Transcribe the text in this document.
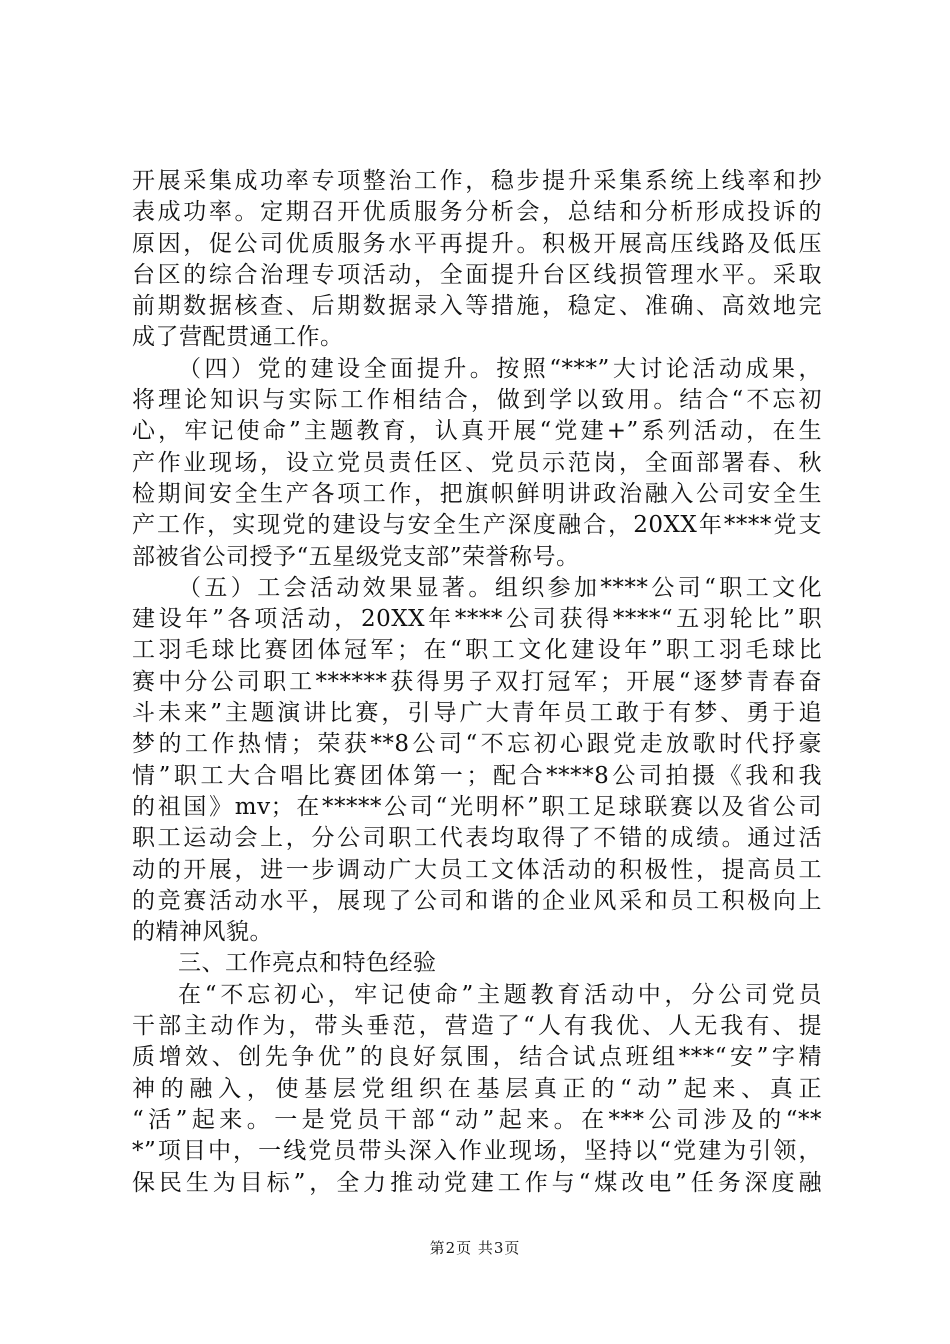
开展采集成功率专项整治工作，稳步提升采集系统上线率和抄
表成功率。定期召开优质服务分析会，总结和分析形成投诉的
原因，促公司优质服务水平再提升。积极开展高压线路及低压
台区的综合治理专项活动，全面提升台区线损管理水平。采取
前期数据核查、后期数据录入等措施，稳定、准确、高效地完
成了营配贯通工作。
（四）党的建设全面提升。按照“***”大讨论活动成果，
将理论知识与实际工作相结合，做到学以致用。结合“不忘初
心，牢记使命”主题教育，认真开展“党建+”系列活动，在生
产作业现场，设立党员责任区、党员示范岗，全面部署春、秋
检期间安全生产各项工作，把旗帜鲜明讲政治融入公司安全生
产工作，实现党的建设与安全生产深度融合，20XX年****党支
部被省公司授予“五星级党支部”荣誉称号。
（五）工会活动效果显著。组织参加****公司“职工文化
建设年”各项活动，20XX年****公司获得****“五羽轮比”职
工羽毛球比赛团体冠军；在“职工文化建设年”职工羽毛球比
赛中分公司职工******获得男子双打冠军；开展“逐梦青春奋
斗未来”主题演讲比赛，引导广大青年员工敢于有梦、勇于追
梦的工作热情；荣获**8公司“不忘初心跟党走放歌时代抒豪
情”职工大合唱比赛团体第一；配合****8公司拍摄《我和我
的祖国》mv；在*****公司“光明杯”职工足球联赛以及省公司
职工运动会上，分公司职工代表均取得了不错的成绩。通过活
动的开展，进一步调动广大员工文体活动的积极性，提高员工
的竞赛活动水平，展现了公司和谐的企业风采和员工积极向上
的精神风貌。
三、工作亮点和特色经验
在“不忘初心，牢记使命”主题教育活动中，分公司党员
干部主动作为，带头垂范，营造了“人有我优、人无我有、提
质增效、创先争优”的良好氛围，结合试点班组***“安”字精
神的融入，使基层党组织在基层真正的“动”起来、真正
“活”起来。一是党员干部“动”起来。在***公司涉及的“**
*”项目中，一线党员带头深入作业现场，坚持以“党建为引领，
保民生为目标”，全力推动党建工作与“煤改电”任务深度融
第2页 共3页
